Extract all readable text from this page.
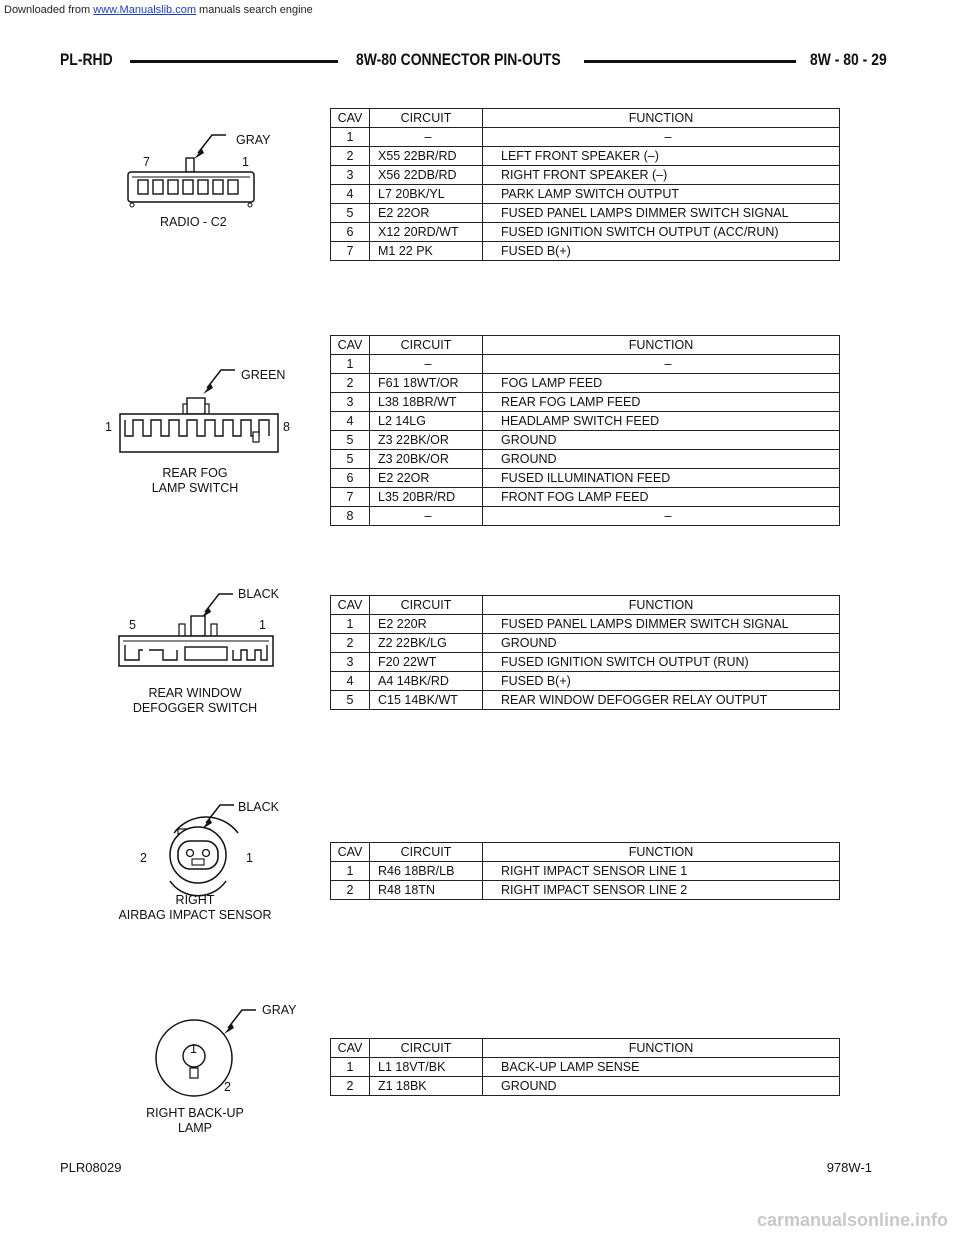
Downloaded from www.Manualslib.com manuals search engine
PL-RHD	8W-80 CONNECTOR PIN-OUTS	8W - 80 - 29
GRAY
7	1
RADIO - C2
CAV	CIRCUIT	FUNCTION
1	–	–
2	X55 22BR/RD	LEFT FRONT SPEAKER (–)
3	X56 22DB/RD	RIGHT FRONT SPEAKER (–)
4	L7 20BK/YL	PARK LAMP SWITCH OUTPUT
5	E2 22OR	FUSED PANEL LAMPS DIMMER SWITCH SIGNAL
6	X12 20RD/WT	FUSED IGNITION SWITCH OUTPUT (ACC/RUN)
7	M1 22 PK	FUSED B(+)
GREEN
1	8
REAR FOG
LAMP SWITCH
CAV	CIRCUIT	FUNCTION
1	–	–
2	F61 18WT/OR	FOG LAMP FEED
3	L38 18BR/WT	REAR FOG LAMP FEED
4	L2 14LG	HEADLAMP SWITCH FEED
5	Z3 22BK/OR	GROUND
5	Z3 20BK/OR	GROUND
6	E2 22OR	FUSED ILLUMINATION FEED
7	L35 20BR/RD	FRONT FOG LAMP FEED
8	–	–
BLACK
5	1
REAR WINDOW
DEFOGGER SWITCH
CAV	CIRCUIT	FUNCTION
1	E2 220R	FUSED PANEL LAMPS DIMMER SWITCH SIGNAL
2	Z2 22BK/LG	GROUND
3	F20 22WT	FUSED IGNITION SWITCH OUTPUT (RUN)
4	A4 14BK/RD	FUSED B(+)
5	C15 14BK/WT	REAR WINDOW DEFOGGER RELAY OUTPUT
BLACK
2	1
RIGHT
AIRBAG IMPACT SENSOR
CAV	CIRCUIT	FUNCTION
1	R46 18BR/LB	RIGHT IMPACT SENSOR LINE 1
2	R48 18TN	RIGHT IMPACT SENSOR LINE 2
GRAY
1
2
RIGHT BACK-UP
LAMP
CAV	CIRCUIT	FUNCTION
1	L1 18VT/BK	BACK-UP LAMP SENSE
2	Z1 18BK	GROUND
PLR08029	978W-1
carmanualsonline.info
